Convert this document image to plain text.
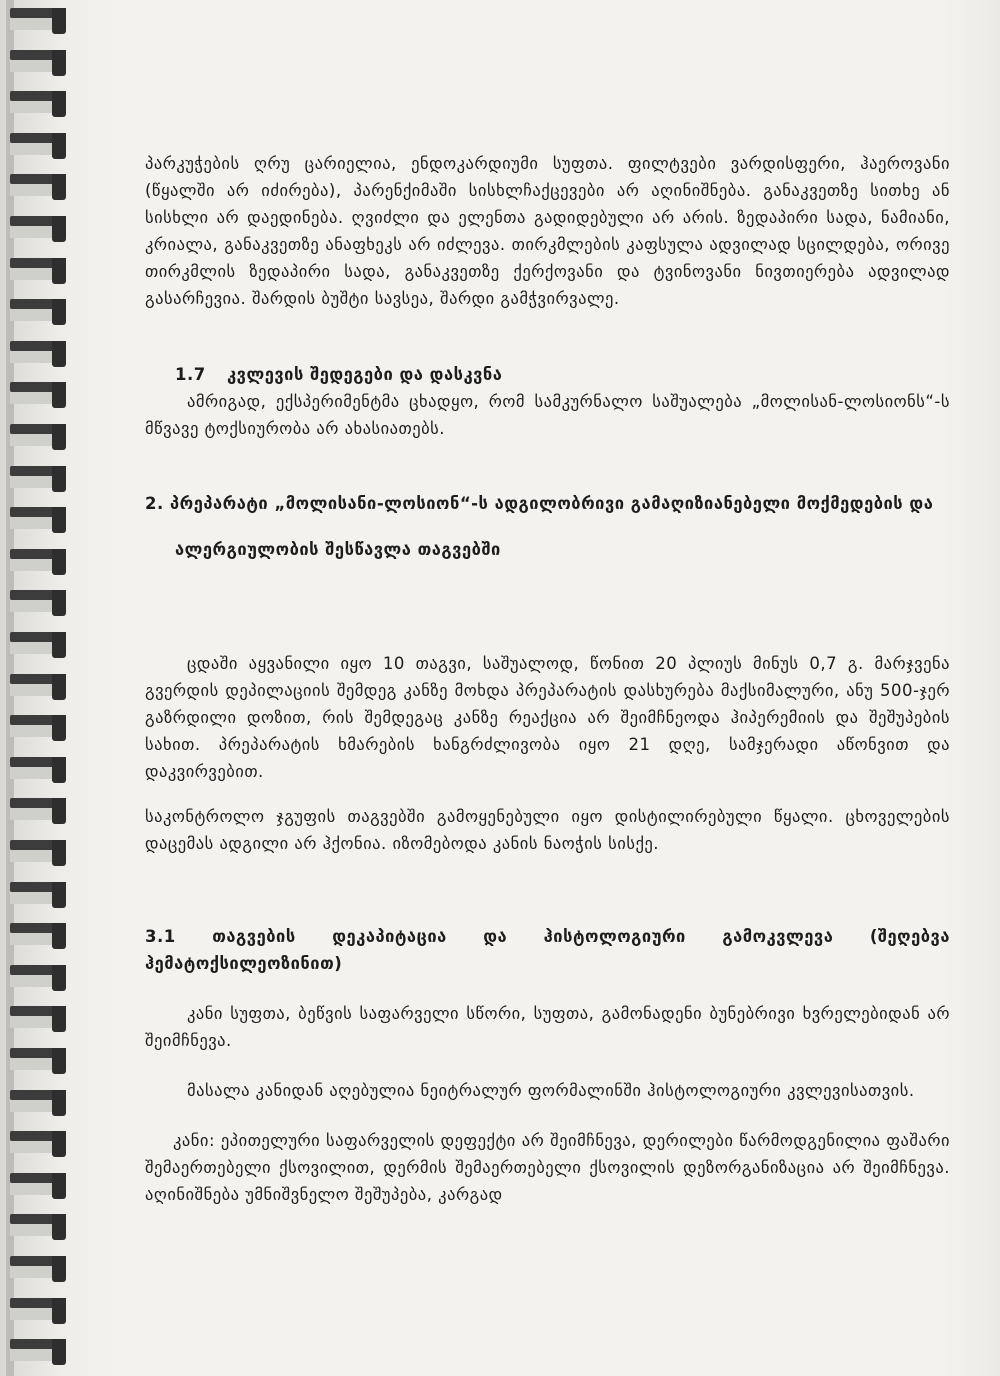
პარკუჭების ღრუ ცარიელია, ენდოკარდიუმი სუფთა. ფილტვები ვარდისფერი, ჰაეროვანი (წყალში არ იძირება), პარენქიმაში სისხლჩაქცევები არ აღინიშნება. განაკვეთზე სითხე ან სისხლი არ დაედინება. ღვიძლი და ელენთა გადიდებული არ არის. ზედაპირი სადა, ნამიანი, კრიალა, განაკვეთზე ანაფხეკს არ იძლევა. თირკმლების კაფსულა ადვილად სცილდება, ორივე თირკმლის ზედაპირი სადა, განაკვეთზე ქერქოვანი და ტვინოვანი ნივთიერება ადვილად გასარჩევია. შარდის ბუშტი სავსეა, შარდი გამჭვირვალე.

1.7 კვლევის შედეგები და დასკვნა

ამრიგად, ექსპერიმენტმა ცხადყო, რომ სამკურნალო საშუალება „მოლისან-ლოსიონს“-ს მწვავე ტოქსიურობა არ ახასიათებს.

2. პრეპარატი „მოლისანი-ლოსიონ“-ს ადგილობრივი გამაღიზიანებელი მოქმედების და

ალერგიულობის შესწავლა თაგვებში

ცდაში აყვანილი იყო 10 თაგვი, საშუალოდ, წონით 20 პლიუს მინუს 0,7 გ. მარჯვენა გვერდის დეპილაციის შემდეგ კანზე მოხდა პრეპარატის დასხურება მაქსიმალური, ანუ 500-ჯერ გაზრდილი დოზით, რის შემდეგაც კანზე რეაქცია არ შეიმჩნეოდა ჰიპერემიის და შეშუპების სახით. პრეპარატის ხმარების ხანგრძლივობა იყო 21 დღე, სამჯერადი აწონვით და დაკვირვებით.

საკონტროლო ჯგუფის თაგვებში გამოყენებული იყო დისტილირებული წყალი. ცხოველების დაცემას ადგილი არ ჰქონია. იზომებოდა კანის ნაოჭის სისქე.

3.1 თაგვების დეკაპიტაცია და ჰისტოლოგიური გამოკვლევა (შეღებვა ჰემატოქსილეოზინით)

კანი სუფთა, ბეწვის საფარველი სწორი, სუფთა, გამონადენი ბუნებრივი ხვრელებიდან არ შეიმჩნევა.

მასალა კანიდან აღებულია ნეიტრალურ ფორმალინში ჰისტოლოგიური კვლევისათვის.

კანი: ეპითელური საფარველის დეფექტი არ შეიმჩნევა, დერილები წარმოდგენილია ფაშარი შემაერთებელი ქსოვილით, დერმის შემაერთებელი ქსოვილის დეზორგანიზაცია არ შეიმჩნევა. აღინიშნება უმნიშვნელო შეშუპება, კარგად
